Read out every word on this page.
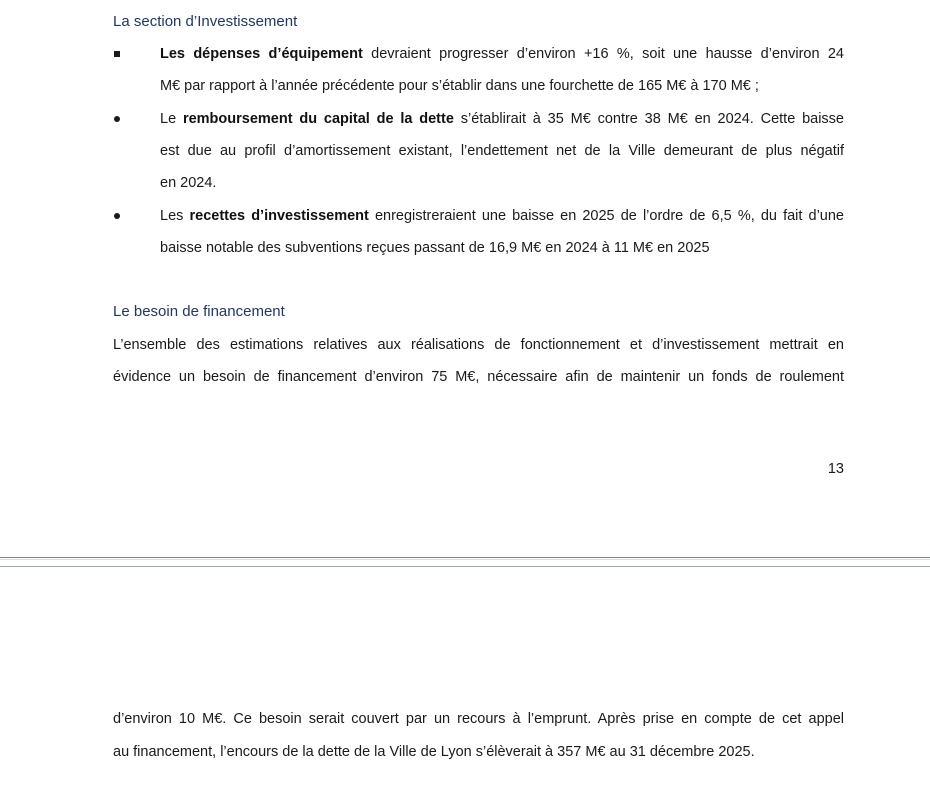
La section d’Investissement
Les dépenses d’équipement devraient progresser d’environ +16 %, soit une hausse d’environ 24
M€ par rapport à l’année précédente pour s’établir dans une fourchette de 165 M€ à 170 M€ ;
Le remboursement du capital de la dette s’établirait à 35 M€ contre 38 M€ en 2024. Cette baisse
est due au profil d’amortissement existant, l’endettement net de la Ville demeurant de plus négatif
en 2024.
Les recettes d’investissement enregistreraient une baisse en 2025 de l’ordre de 6,5 %, du fait d’une
baisse notable des subventions reçues passant de 16,9 M€ en 2024 à 11 M€ en 2025
Le besoin de financement
L’ensemble des estimations relatives aux réalisations de fonctionnement et d’investissement mettrait en
évidence un besoin de financement d’environ 75 M€, nécessaire afin de maintenir un fonds de roulement
13
d’environ 10 M€. Ce besoin serait couvert par un recours à l’emprunt. Après prise en compte de cet appel
au financement, l’encours de la dette de la Ville de Lyon s’élèverait à 357 M€ au 31 décembre 2025.
